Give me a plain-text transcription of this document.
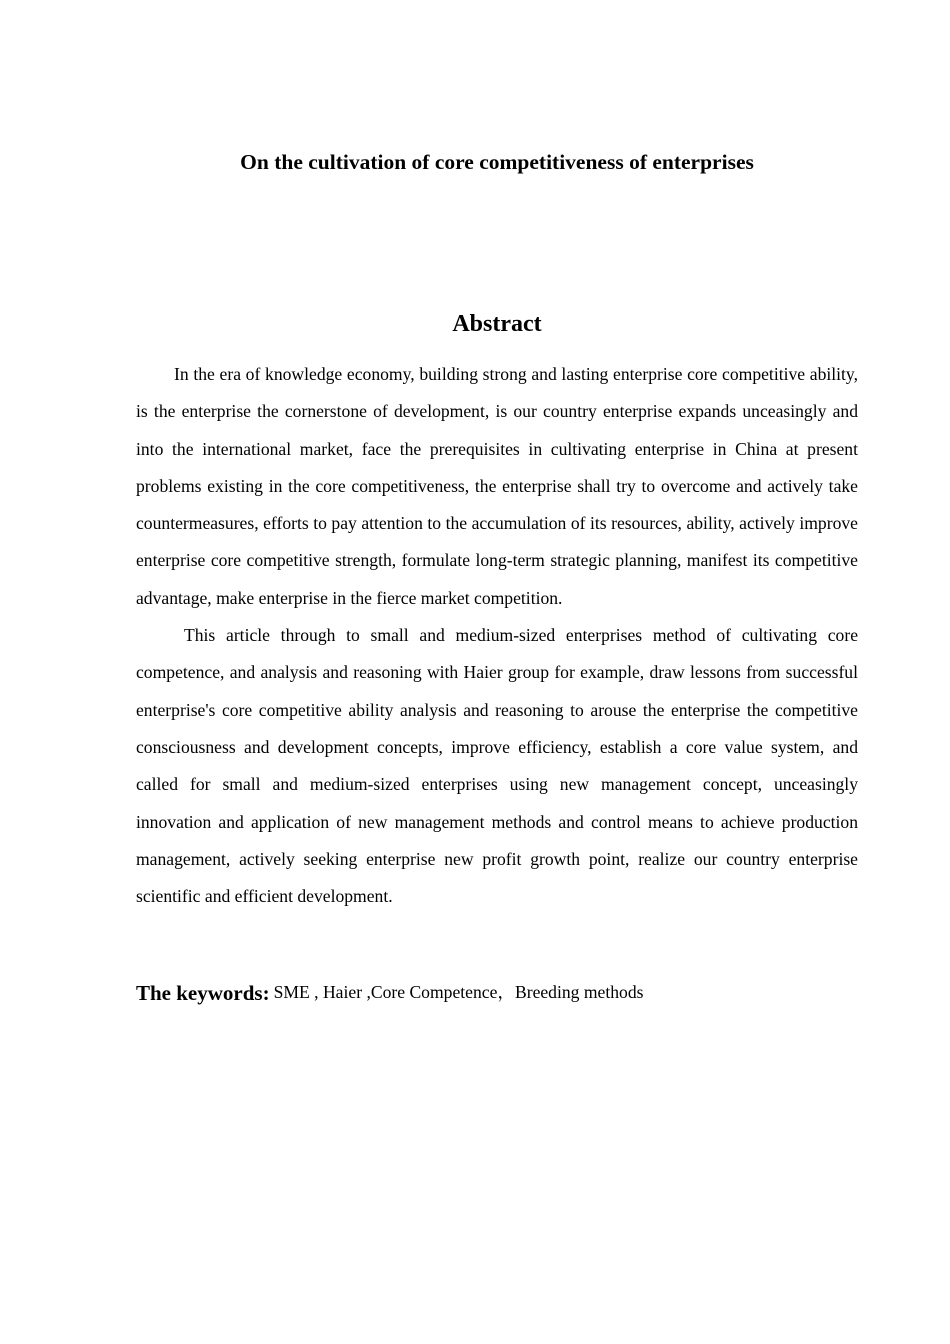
On the cultivation of core competitiveness of enterprises
Abstract

In the era of knowledge economy, building strong and lasting enterprise core competitive ability, is the enterprise the cornerstone of development, is our country enterprise expands unceasingly and into the international market, face the prerequisites in cultivating enterprise in China at present problems existing in the core competitiveness, the enterprise shall try to overcome and actively take countermeasures, efforts to pay attention to the accumulation of its resources, ability, actively improve enterprise core competitive strength, formulate long-term strategic planning, manifest its competitive advantage, make enterprise in the fierce market competition.

This article through to small and medium-sized enterprises method of cultivating core competence, and analysis and reasoning with Haier group for example, draw lessons from successful enterprise's core competitive ability analysis and reasoning to arouse the enterprise the competitive consciousness and development concepts, improve efficiency, establish a core value system, and called for small and medium-sized enterprises using new management concept, unceasingly innovation and application of new management methods and control means to achieve production management, actively seeking enterprise new profit growth point, realize our country enterprise scientific and efficient development.

The keywords: SME , Haier ,Core Competence，Breeding methods
